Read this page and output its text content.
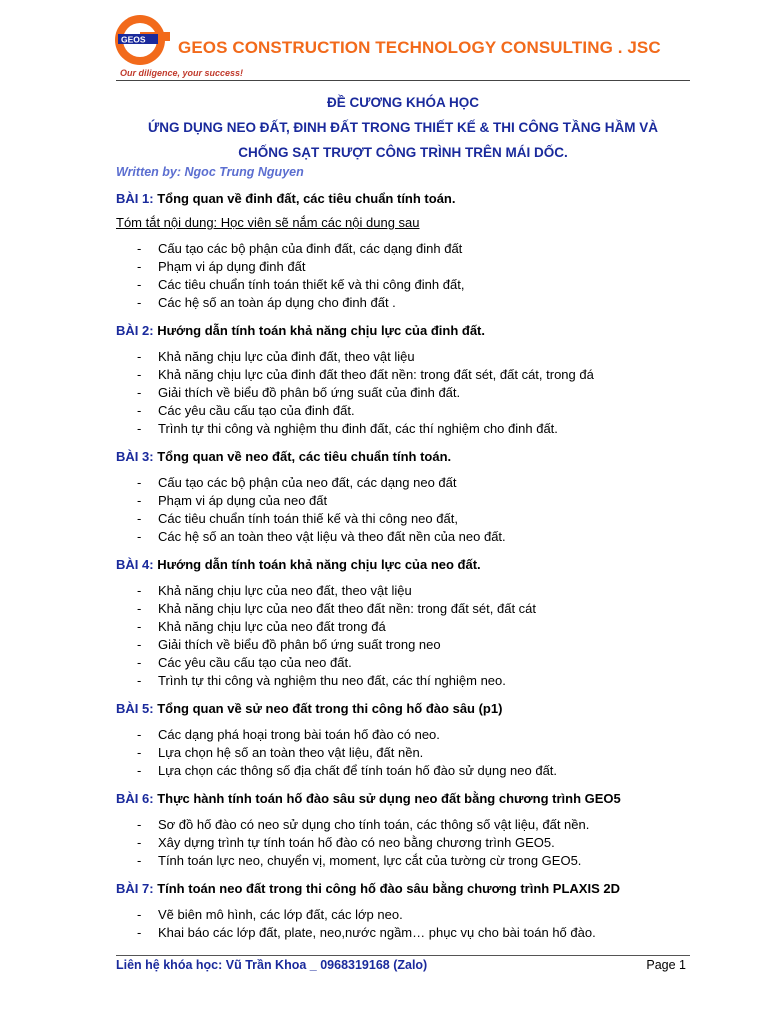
GEOS GEOS CONSTRUCTION TECHNOLOGY CONSULTING . JSC
Our diligence, your success!
ĐỀ CƯƠNG KHÓA HỌC
ỨNG DỤNG NEO ĐẤT, ĐINH ĐẤT TRONG THIẾT KẾ & THI CÔNG TẦNG HẦM VÀ
CHỐNG SẠT TRƯỢT CÔNG TRÌNH TRÊN MÁI DỐC.
Written by: Ngoc Trung Nguyen
BÀI 1: Tổng quan về đinh đất, các tiêu chuẩn tính toán.
Tóm tắt nội dung: Học viên sẽ nắm các nội dung sau
- Cấu tạo các bộ phận của đinh đất, các dạng đinh đất
- Phạm vi áp dụng đinh đất
- Các tiêu chuẩn tính toán thiết kế và thi công đinh đất,
- Các hệ số an toàn áp dụng cho đinh đất .
BÀI 2: Hướng dẫn tính toán khả năng chịu lực của đinh đất.
- Khả năng chịu lực của đinh đất, theo vật liệu
- Khả năng chịu lực của đinh đất theo đất nền: trong đất sét, đất cát, trong đá
- Giải thích về biểu đồ phân bố ứng suất của đinh đất.
- Các yêu cầu cấu tạo của đinh đất.
- Trình tự thi công và nghiệm thu đinh đất, các thí nghiệm cho đinh đất.
BÀI 3: Tổng quan về neo đất, các tiêu chuẩn tính toán.
- Cấu tạo các bộ phận của neo đất, các dạng neo đất
- Phạm vi áp dụng của neo đất
- Các tiêu chuẩn tính toán thiế kế và thi công neo đất,
- Các hệ số an toàn theo vật liệu và theo đất nền của neo đất.
BÀI 4: Hướng dẫn tính toán khả năng chịu lực của neo đất.
- Khả năng chịu lực của neo đất, theo vật liệu
- Khả năng chịu lực của neo đất theo đất nền: trong đất sét, đất cát
- Khả năng chịu lực của neo đất trong đá
- Giải thích về biểu đồ phân bố ứng suất trong neo
- Các yêu cầu cấu tạo của neo đất.
- Trình tự thi công và nghiệm thu neo đất, các thí nghiệm neo.
BÀI 5: Tổng quan về sử neo đất trong thi công hố đào sâu (p1)
- Các dạng phá hoại trong bài toán hố đào có neo.
- Lựa chọn hệ số an toàn theo vật liệu, đất nền.
- Lựa chọn các thông số địa chất để tính toán hố đào sử dụng neo đất.
BÀI 6: Thực hành tính toán hố đào sâu sử dụng neo đất bằng chương trình GEO5
- Sơ đồ hố đào có neo sử dụng cho tính toán, các thông số vật liệu, đất nền.
- Xây dựng trình tự tính toán hố đào có neo bằng chương trình GEO5.
- Tính toán lực neo, chuyển vị, moment, lực cắt của tường cừ trong GEO5.
BÀI 7: Tính toán neo đất trong thi công hố đào sâu bằng chương trình PLAXIS 2D
- Vẽ biên mô hình, các lớp đất, các lớp neo.
- Khai báo các lớp đất, plate, neo,nước ngầm… phục vụ cho bài toán hố đào.
Liên hệ khóa học: Vũ Trần Khoa _ 0968319168 (Zalo)	Page 1
